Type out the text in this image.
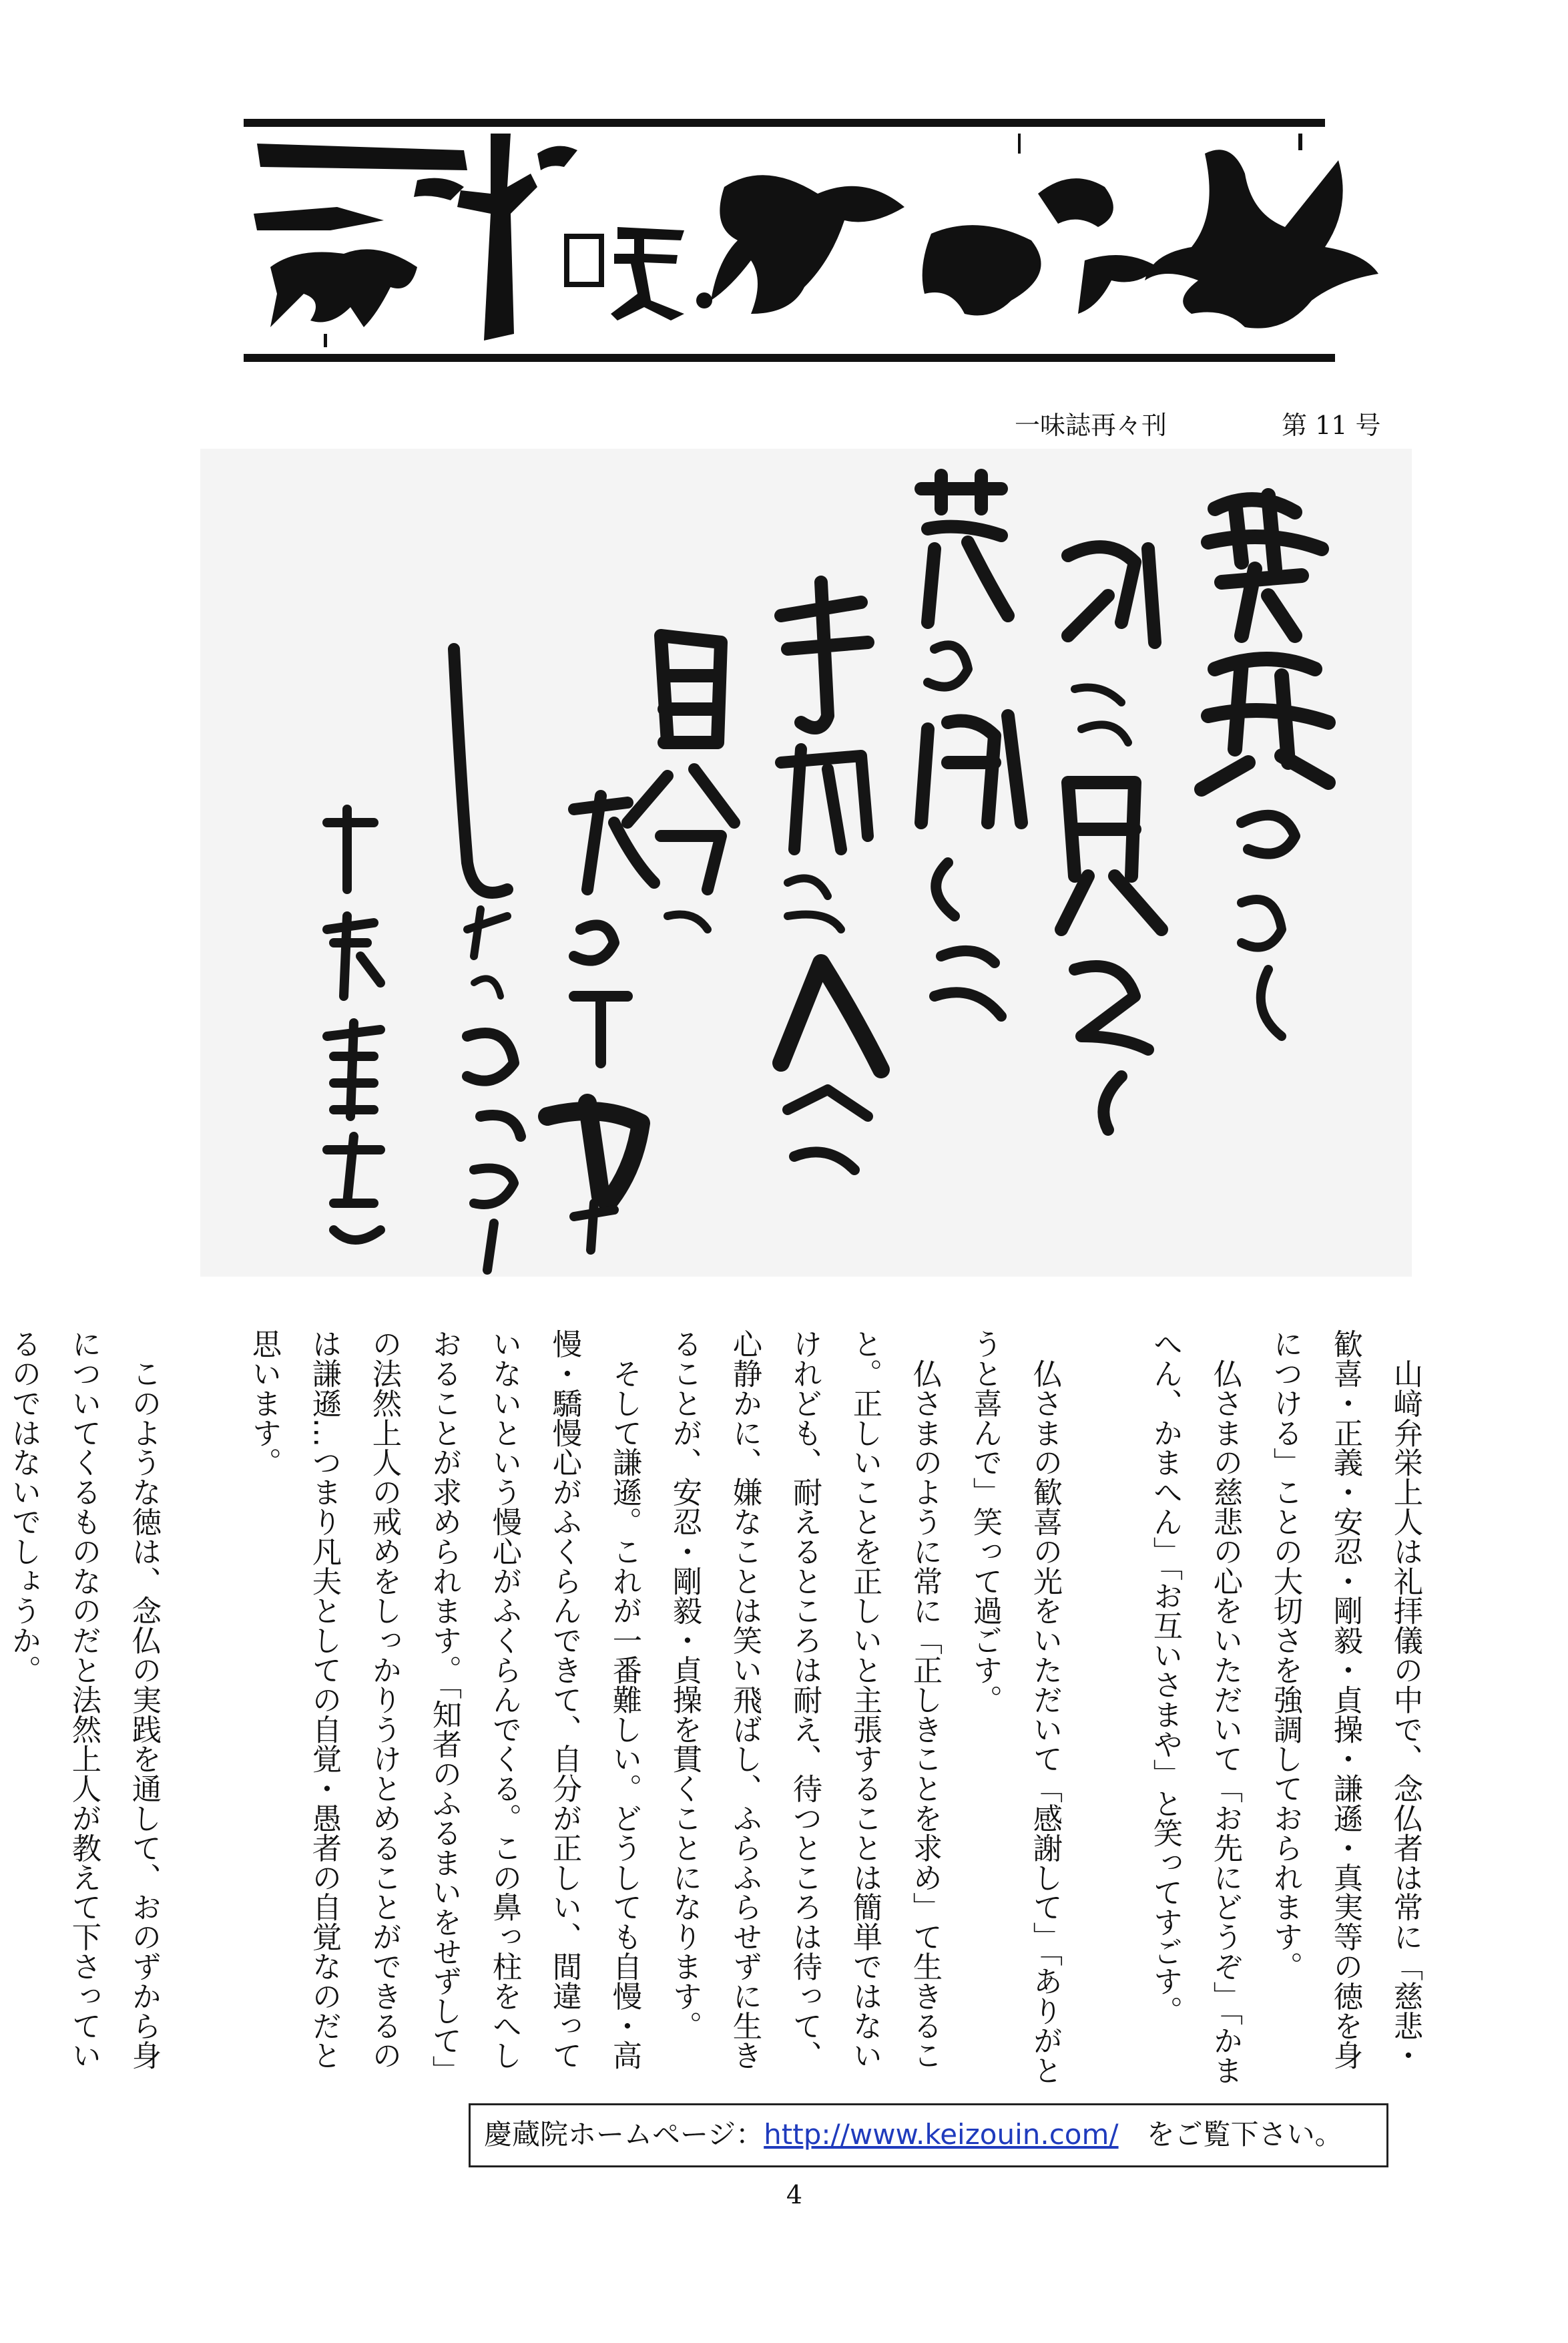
一味誌再々刊	第 11 号

　山﨑弁栄上人は礼拝儀の中で、念仏者は常に「慈悲・歓喜・正義・安忍・剛毅・貞操・謙遜・真実等の徳を身につける」ことの大切さを強調しておられます。

　仏さまの慈悲の心をいただいて「お先にどうぞ」「かまへん、かまへん」「お互いさまや」と笑ってすごす。

　仏さまの歓喜の光をいただいて「感謝して」「ありがとうと喜んで」笑って過ごす。

　仏さまのように常に「正しきことを求め」て生きること。正しいことを正しいと主張することは簡単ではないけれども、耐えるところは耐え、待つところは待って、心静かに、嫌なことは笑い飛ばし、ふらふらせずに生きることが、安忍・剛毅・貞操を貫くことになります。

　そして謙遜。これが一番難しい。どうしても自慢・高慢・驕慢心がふくらんできて、自分が正しい、間違っていないという慢心がふくらんでくる。この鼻っ柱をへしおることが求められます。「知者のふるまいをせずして」の法然上人の戒めをしっかりうけとめることができるのは謙遜…つまり凡夫としての自覚・愚者の自覚なのだと思います。

　このような徳は、念仏の実践を通して、おのずから身についてくるものなのだと法然上人が教えて下さっているのではないでしょうか。

慶蔵院ホームページ：http://www.keizouin.com/　をご覧下さい。
4
